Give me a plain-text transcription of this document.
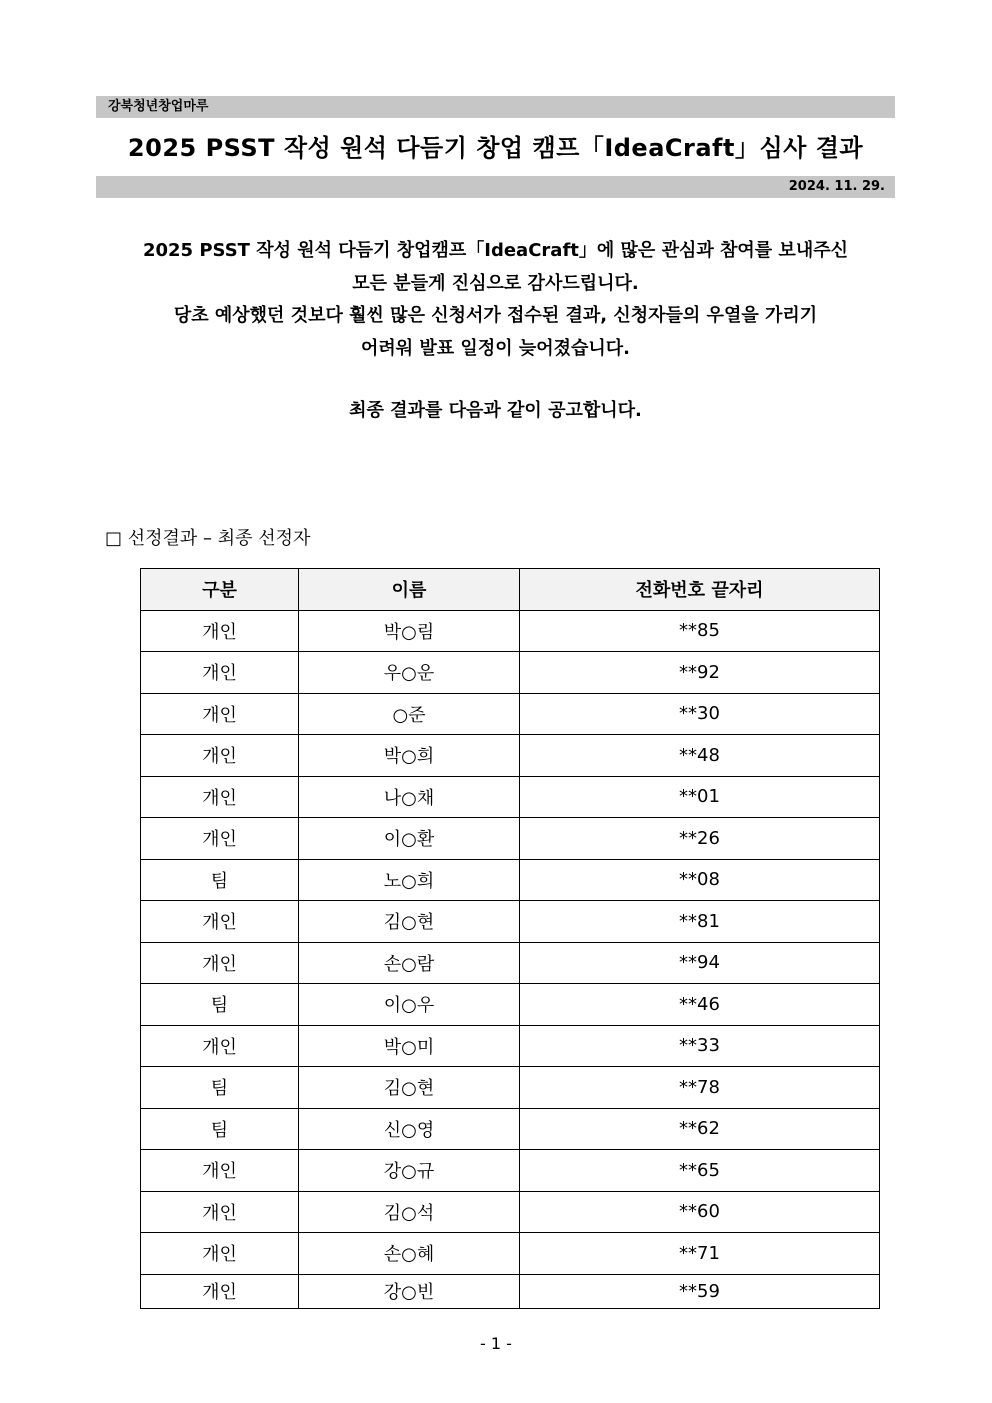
강북청년창업마루
2025 PSST 작성 원석 다듬기 창업 캠프「IdeaCraft」심사 결과
2024. 11. 29.

2025 PSST 작성 원석 다듬기 창업캠프「IdeaCraft」에 많은 관심과 참여를 보내주신

모든 분들게 진심으로 감사드립니다.

당초 예상했던 것보다 훨씬 많은 신청서가 접수된 결과, 신청자들의 우열을 가리기

어려워 발표 일정이 늦어졌습니다.

최종 결과를 다음과 같이 공고합니다.
□ 선정결과 – 최종 선정자
구분	이름	전화번호 끝자리
개인	박○림	**85
개인	우○운	**92
개인	○준	**30
개인	박○희	**48
개인	나○채	**01
개인	이○환	**26
팀	노○희	**08
개인	김○현	**81
개인	손○람	**94
팀	이○우	**46
개인	박○미	**33
팀	김○현	**78
팀	신○영	**62
개인	강○규	**65
개인	김○석	**60
개인	손○혜	**71
개인	강○빈	**59
- 1 -
